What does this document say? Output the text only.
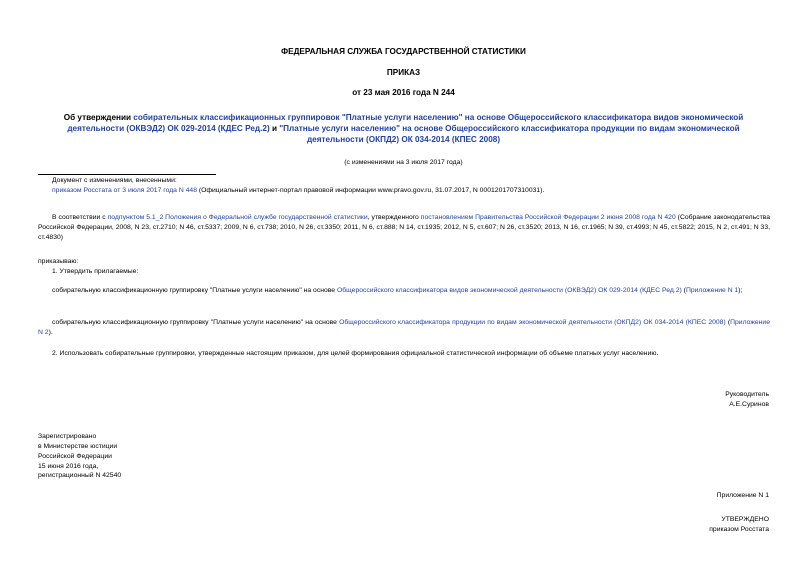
ФЕДЕРАЛЬНАЯ СЛУЖБА ГОСУДАРСТВЕННОЙ СТАТИСТИКИ
ПРИКАЗ
от 23 мая 2016 года N 244
Об утверждении собирательных классификационных группировок "Платные услуги населению" на основе Общероссийского классификатора видов экономической деятельности (ОКВЭД2) ОК 029-2014 (КДЕС Ред.2) и "Платные услуги населению" на основе Общероссийского классификатора продукции по видам экономической деятельности (ОКПД2) ОК 034-2014 (КПЕС 2008)
(с изменениями на 3 июля 2017 года)
Документ с изменениями, внесенными:
приказом Росстата от 3 июля 2017 года N 448 (Официальный интернет-портал правовой информации www.pravo.gov.ru, 31.07.2017, N 0001201707310031).
В соответствии с подпунктом 5.1_2 Положения о Федеральной службе государственной статистики, утвержденного постановлением Правительства Российской Федерации 2 июня 2008 года N 420 (Собрание законодательства Российской Федерации, 2008, N 23, ст.2710; N 46, ст.5337; 2009, N 6, ст.738; 2010, N 26, ст.3350; 2011, N 6, ст.888; N 14, ст.1935; 2012, N 5, ст.607; N 26, ст.3520; 2013, N 16, ст.1965; N 39, ст.4993; N 45, ст.5822; 2015, N 2, ст.491; N 33, ст.4830)
приказываю:
1. Утвердить прилагаемые:
собирательную классификационную группировку "Платные услуги населению" на основе Общероссийского классификатора видов экономической деятельности (ОКВЭД2) ОК 029-2014 (КДЕС Ред.2) (Приложение N 1);
собирательную классификационную группировку "Платные услуги населению" на основе Общероссийского классификатора продукции по видам экономической деятельности (ОКПД2) ОК 034-2014 (КПЕС 2008) (Приложение N 2).
2. Использовать собирательные группировки, утвержденные настоящим приказом, для целей формирования официальной статистической информации об объеме платных услуг населению.
Руководитель
А.Е.Суринов
Зарегистрировано
в Министерстве юстиции
Российской Федерации
15 июня 2016 года,
регистрационный N 42540
Приложение N 1
УТВЕРЖДЕНО
приказом Росстата
